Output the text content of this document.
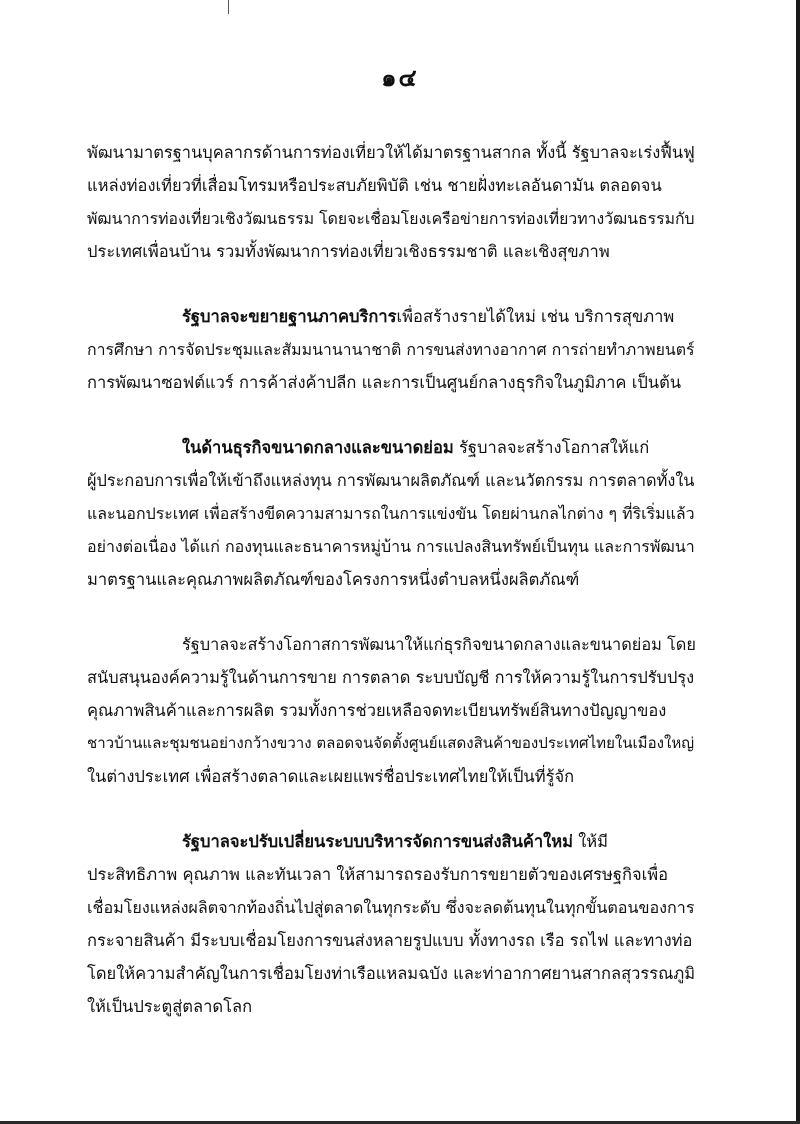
๑๔

พัฒนามาตรฐานบุคลากรด้านการท่องเที่ยวให้ได้มาตรฐานสากล ทั้งนี้ รัฐบาลจะเร่งฟื้นฟู
แหล่งท่องเที่ยวที่เสื่อมโทรมหรือประสบภัยพิบัติ เช่น ชายฝั่งทะเลอันดามัน ตลอดจน
พัฒนาการท่องเที่ยวเชิงวัฒนธรรม โดยจะเชื่อมโยงเครือข่ายการท่องเที่ยวทางวัฒนธรรมกับ
ประเทศเพื่อนบ้าน รวมทั้งพัฒนาการท่องเที่ยวเชิงธรรมชาติ และเชิงสุขภาพ

รัฐบาลจะขยายฐานภาคบริการเพื่อสร้างรายได้ใหม่ เช่น บริการสุขภาพ
การศึกษา การจัดประชุมและสัมมนานานาชาติ การขนส่งทางอากาศ การถ่ายทำภาพยนตร์
การพัฒนาซอฟต์แวร์ การค้าส่งค้าปลีก และการเป็นศูนย์กลางธุรกิจในภูมิภาค เป็นต้น

ในด้านธุรกิจขนาดกลางและขนาดย่อม รัฐบาลจะสร้างโอกาสให้แก่
ผู้ประกอบการเพื่อให้เข้าถึงแหล่งทุน การพัฒนาผลิตภัณฑ์ และนวัตกรรม การตลาดทั้งใน
และนอกประเทศ เพื่อสร้างขีดความสามารถในการแข่งขัน โดยผ่านกลไกต่าง ๆ ที่ริเริ่มแล้ว
อย่างต่อเนื่อง ได้แก่ กองทุนและธนาคารหมู่บ้าน การแปลงสินทรัพย์เป็นทุน และการพัฒนา
มาตรฐานและคุณภาพผลิตภัณฑ์ของโครงการหนึ่งตำบลหนึ่งผลิตภัณฑ์

รัฐบาลจะสร้างโอกาสการพัฒนาให้แก่ธุรกิจขนาดกลางและขนาดย่อม โดย
สนับสนุนองค์ความรู้ในด้านการขาย การตลาด ระบบบัญชี การให้ความรู้ในการปรับปรุง
คุณภาพสินค้าและการผลิต รวมทั้งการช่วยเหลือจดทะเบียนทรัพย์สินทางปัญญาของ
ชาวบ้านและชุมชนอย่างกว้างขวาง ตลอดจนจัดตั้งศูนย์แสดงสินค้าของประเทศไทยในเมืองใหญ่
ในต่างประเทศ เพื่อสร้างตลาดและเผยแพร่ชื่อประเทศไทยให้เป็นที่รู้จัก

รัฐบาลจะปรับเปลี่ยนระบบบริหารจัดการขนส่งสินค้าใหม่ ให้มี
ประสิทธิภาพ คุณภาพ และทันเวลา ให้สามารถรองรับการขยายตัวของเศรษฐกิจเพื่อ
เชื่อมโยงแหล่งผลิตจากท้องถิ่นไปสู่ตลาดในทุกระดับ ซึ่งจะลดต้นทุนในทุกขั้นตอนของการ
กระจายสินค้า มีระบบเชื่อมโยงการขนส่งหลายรูปแบบ ทั้งทางรถ เรือ รถไฟ และทางท่อ
โดยให้ความสำคัญในการเชื่อมโยงท่าเรือแหลมฉบัง และท่าอากาศยานสากลสุวรรณภูมิ
ให้เป็นประตูสู่ตลาดโลก
